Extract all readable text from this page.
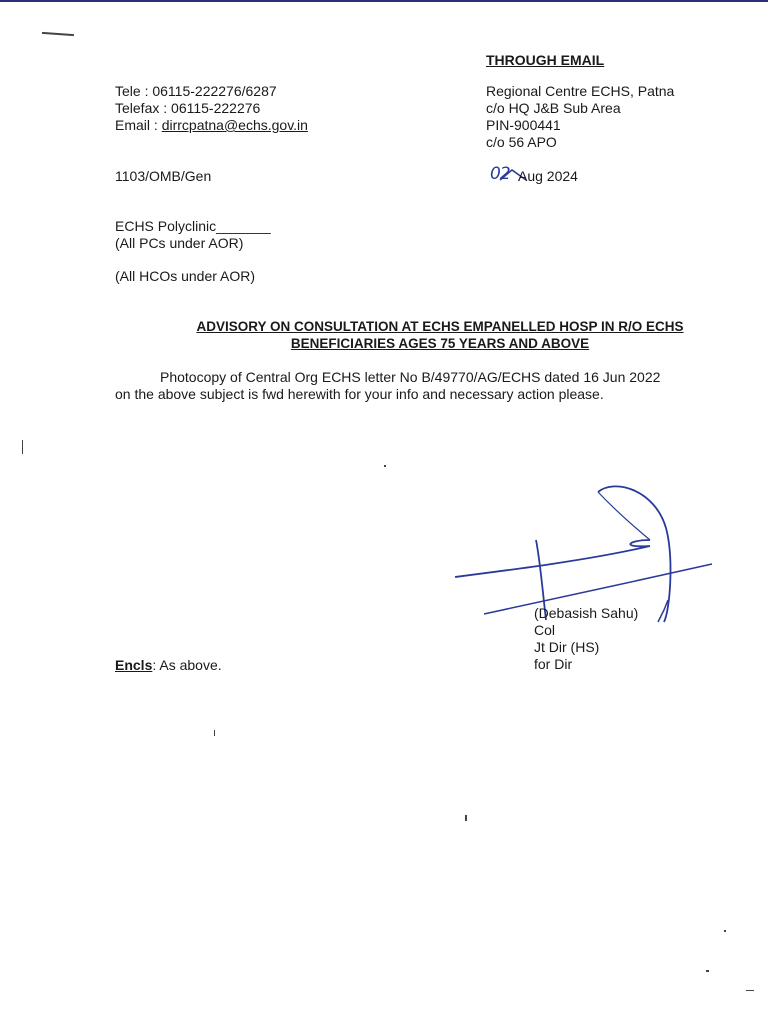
THROUGH EMAIL
Tele : 06115-222276/6287
Telefax : 06115-222276
Email : dirrcpatna@echs.gov.in
Regional Centre ECHS, Patna
c/o HQ J&B Sub Area
PIN-900441
c/o 56 APO
1103/OMB/Gen	02 Aug 2024
ECHS Polyclinic_______
(All PCs under AOR)
(All HCOs under AOR)
ADVISORY ON CONSULTATION AT ECHS EMPANELLED HOSP IN R/O ECHS
BENEFICIARIES AGES 75 YEARS AND ABOVE
Photocopy of Central Org ECHS letter No B/49770/AG/ECHS dated 16 Jun 2022
on the above subject is fwd herewith for your info and necessary action please.
(Debasish Sahu)
Col
Jt Dir (HS)
for Dir
Encls: As above.
